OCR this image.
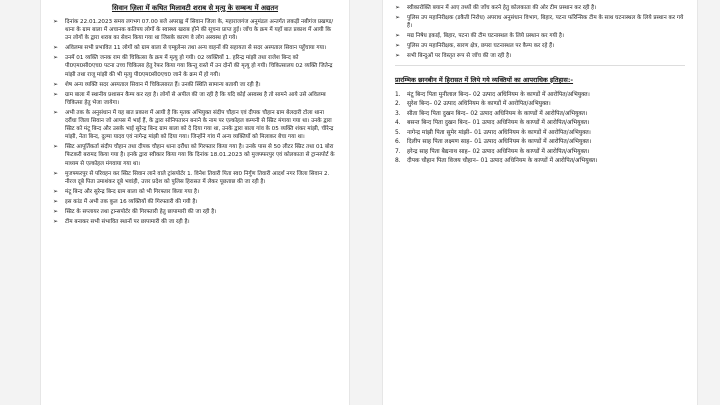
सिवान ज़िला में कथित मिलावटी शराब से मृत्यु के सम्बन्ध में अद्यतन
➢ दिनांक 22.01.2023 समय लगभग 07.00 बजे अपराह्न में सिवान जिला के, महाराजगंज अनुमंडल अन्तर्गत लकड़ी नबीगंज प्रखण्ड/थाना के ग्राम बाला में अचानक कतिपय लोगों के स्वास्थ्य खराब होने की सूचना प्राप्त हुई। जाँच के क्रम में यहाँ बात प्रकाश में आयी कि उन लोगों के द्वारा शराब का सेवन किया गया था जिसके कारण वे लोग अस्वस्थ हो गये।
➢ अविलम्ब सभी प्रभावित 11 लोगों को ग्राम बाला से एम्बुलेन्स तथा अन्य वाहनों की सहायता से सदर अस्पताल सिवान पहुँचाया गया।
➢ उनमें 01 व्यक्ति जनक राम की चिकित्सा के क्रम में मृत्यु हो गयी। 02 व्यक्तियों 1. हरिन्द्र मांझी तथा राजेश बिन्द को पी0एम0सी0एच0 पटना उच्च चिकित्सा हेतु रेफर किया गया किन्तु रास्ते में उन दोनों की मृत्यु हो गयी। चिकित्सालय 02 व्यक्ति जितेन्द्र मांझी तथा राजू मांझी की भी मृत्यु पी0एम0सी0एच0 जाने के क्रम में हो गयी।
➢ शेष अन्य व्यक्ति सदर अस्पताल सिवान में चिकित्सारत हैं। उनकी स्थिति सामान्य बतायी जा रही है।
➢ ग्राम बाला में स्थानीय प्रशासन कैम्प कर रहा है। लोगों से अपील की जा रही है कि यदि कोई अस्वस्थ है तो सामने आये उसे अविलम्ब चिकित्सा हेतु भेजा जायेगा।
➢ अभी तक के अनुसंधान में यह बात प्रकाश में आयी है कि मृतक अभियुक्त संदीप चौहान एवं दीपक चौहान ग्राम बेलदारी टोला थाना दरौंधा जिला सिवान जो आपस में भाई हैं, के द्वारा सोनिपतारन बनाने के नाम पर एल्कोहल कम्पनी से स्प्रिट मंगाया गया था। उनके द्वारा स्प्रिट को मंटू बिन्द और उसके भाई सुरेन्द्र बिन्द ग्राम बाला को दे दिया गया था, उनके द्वारा बाला गांव के 05 व्यक्ति शंकर मांझी, चीरेन्द्र मांझी, नेता बिन्द, दुल्मा यादव एवं नागेन्द्र मांझी को दिया गया। जिन्होंने गांव में अन्य व्यक्तियों को मिलाकर बेचा गया था।
➢ स्प्रिट आपूर्तिकर्ता संदीप चौहान तथा दीपक चौहान थाना दरौंधा को गिरफ्तार किया गया है। उनके पास से 50 लीटर स्प्रिट तथा 01 बोरा फिटकरी बरामद किया गया है। इनके द्वारा स्वीकार किया गया कि दिनांक 18.01.2023 को मुजफ्फरपुर एवं कोलकाता से ट्रान्सपोर्ट के माध्यम से एल्कोहल मंगवाया गया था।
➢ मुजफ्फरपुर से परिवहन कर स्प्रिट सिवान लाने वाले ट्रांसपोर्टर 1. विनेश तिवारी पिता स्व0 निर्गुण तिवारी आदर्श नगर जिला सिवान 2. नीरज दूबे पिता उमाशंकर दूबे भवांही, उत्तर प्रदेश को पुलिस हिरासत में लेकर पूछताछ की जा रही है।
➢ मंटू बिन्द और सुरेन्द्र बिन्द ग्राम बाला को भी गिरफ्तार किया गया है।
➢ इस कांड में अभी तक कुल 16 व्यक्तियों की गिरफ्तारी की गयी है।
➢ स्प्रिट के सप्लायर तथा ट्रान्सपोर्टर की गिरफ्तारी हेतु छापामारी की जा रही है।
➢ टीम बनाकर सभी संभावित स्थानों पर छापामारी की जा रही है।
➢ स्वीकारोक्ति बयान में आए तथ्यों की जाँच करने हेतु कोलकाता की ओर टीम प्रस्थान कर रही है।
➢ पुलिस उप महानिरीक्षक (डकैती निरोध) अपराध अनुसंधान विभाग, बिहार, पटना फॉरेन्सिक टीम के साथ घटनास्थल के लिये प्रस्थान कर गये हैं।
➢ मद्य निषेध इकाई, बिहार, पटना की टीम घटनास्थल के लिये प्रस्थान कर गयी है।
➢ पुलिस उप महानिरीक्षक, सारण क्षेत्र, छपरा घटनास्थल पर कैम्प कर रहे हैं।
➢ सभी बिन्दुओं पर विस्तृत रूप से जाँच की जा रही है।
प्रारम्भिक छानबीन में हिरासत में लिये गये व्यक्तियों का आपराधिक इतिहास:-
1.	मंटू बिन्द पिता मुनीलाल बिन्द– 02 उत्पाद अधिनियम के काण्डों में आरोपित/अभियुक्त।
2.	सुरेश बिन्द– 02 उत्पाद अधिनियम के काण्डों में आरोपित/अभियुक्त।
3.	सीता बिन्द पिता दुखन बिन्द– 02 उत्पाद अधिनियम के काण्डों में आरोपित/अभियुक्त।
4.	बसन्त बिन्द पिता दुखन बिन्द– 01 उत्पाद अधिनियम के काण्डों में आरोपित/अभियुक्त।
5.	नागेन्द्र मांझी पिता सुमेर मांझी– 01 उत्पाद अधिनियम के काण्डों में आरोपित/अभियुक्त।
6.	दिलीप साह पिता लक्ष्मण साह– 01 उत्पाद अधिनियम के काण्डों में आरोपित/अभियुक्त।
7.	हरेन्द्र साह पिता बैद्यनाथ साह– 02 उत्पाद अधिनियम के काण्डों में आरोपित/अभियुक्त।
8.	दीपक चौहान पिता विजय चौहान– 01 उत्पाद अधिनियम के काण्डों में आरोपित/अभियुक्त।
